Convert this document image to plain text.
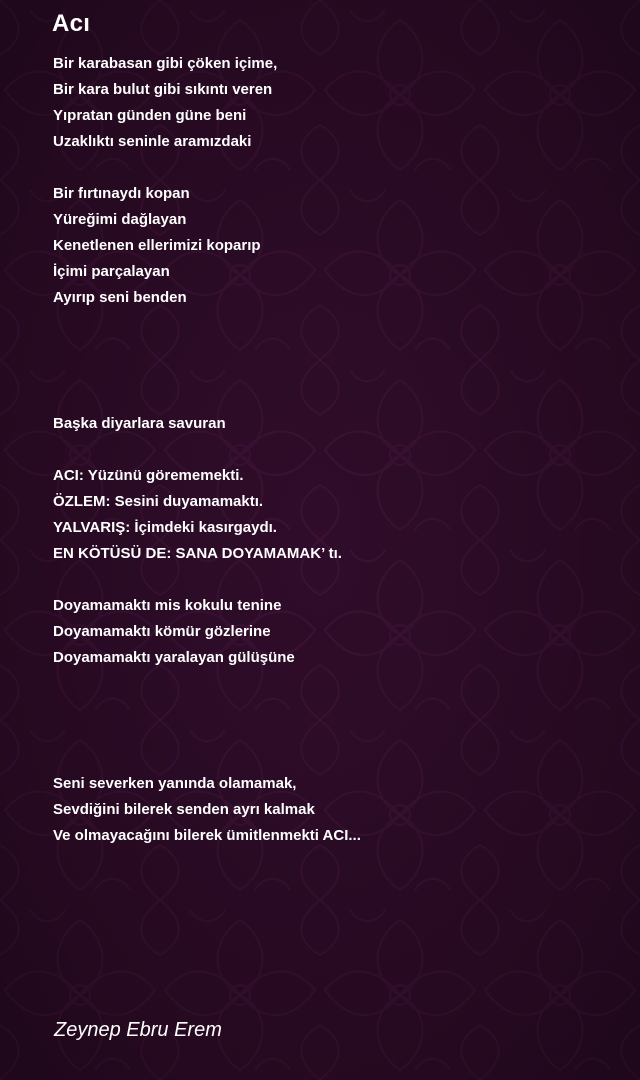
Acı
Bir karabasan gibi çöken içime,
Bir kara bulut gibi sıkıntı veren
Yıpratan günden güne beni
Uzaklıktı seninle aramızdaki
Bir fırtınaydı kopan
Yüreğimi dağlayan
Kenetlenen ellerimizi koparıp
İçimi parçalayan
Ayırıp seni benden
Başka diyarlara savuran
ACI: Yüzünü görememekti.
ÖZLEM: Sesini duyamamaktı.
YALVARIŞ: İçimdeki kasırgaydı.
EN KÖTÜSÜ DE: SANA DOYAMAMAK’ tı.
Doyamamaktı mis kokulu tenine
Doyamamaktı kömür gözlerine
Doyamamaktı yaralayan gülüşüne
Seni severken yanında olamamak,
Sevdiğini bilerek senden ayrı kalmak
Ve olmayacağını bilerek ümitlenmekti ACI...
Zeynep Ebru Erem
